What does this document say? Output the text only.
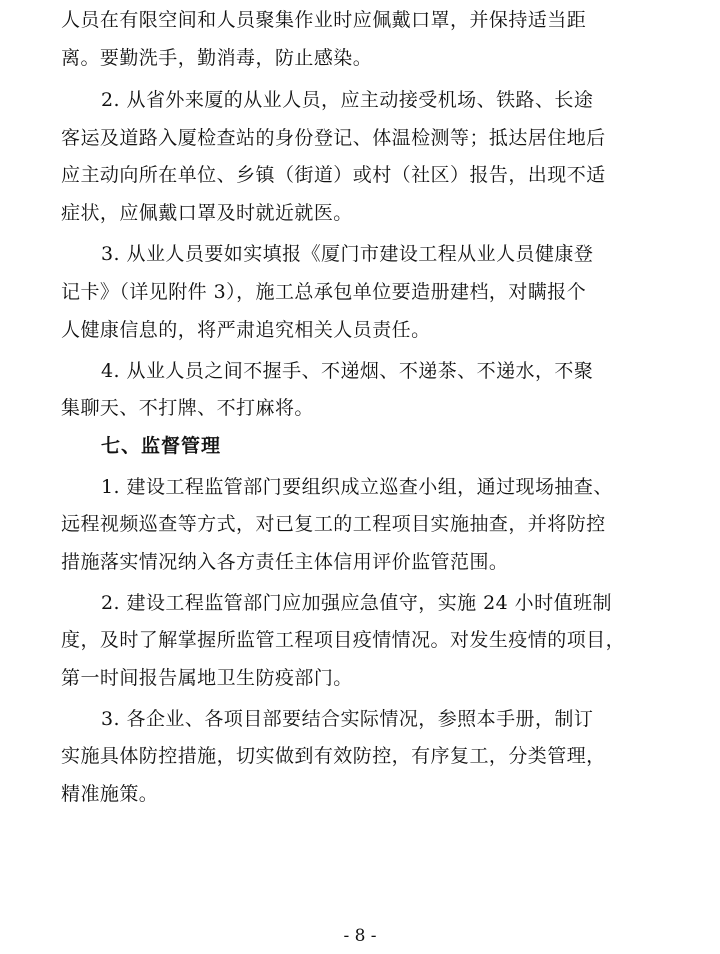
人员在有限空间和人员聚集作业时应佩戴口罩，并保持适当距
离。要勤洗手，勤消毒，防止感染。
2. 从省外来厦的从业人员，应主动接受机场、铁路、长途
客运及道路入厦检查站的身份登记、体温检测等；抵达居住地后
应主动向所在单位、乡镇（街道）或村（社区）报告，出现不适
症状，应佩戴口罩及时就近就医。
3. 从业人员要如实填报《厦门市建设工程从业人员健康登
记卡》（详见附件 3），施工总承包单位要造册建档，对瞒报个
人健康信息的，将严肃追究相关人员责任。
4. 从业人员之间不握手、不递烟、不递茶、不递水，不聚
集聊天、不打牌、不打麻将。
七、监督管理
1. 建设工程监管部门要组织成立巡查小组，通过现场抽查、
远程视频巡查等方式，对已复工的工程项目实施抽查，并将防控
措施落实情况纳入各方责任主体信用评价监管范围。
2. 建设工程监管部门应加强应急值守，实施 24 小时值班制
度，及时了解掌握所监管工程项目疫情情况。对发生疫情的项目，
第一时间报告属地卫生防疫部门。
3. 各企业、各项目部要结合实际情况，参照本手册，制订
实施具体防控措施，切实做到有效防控，有序复工，分类管理，
精准施策。
- 8 -
